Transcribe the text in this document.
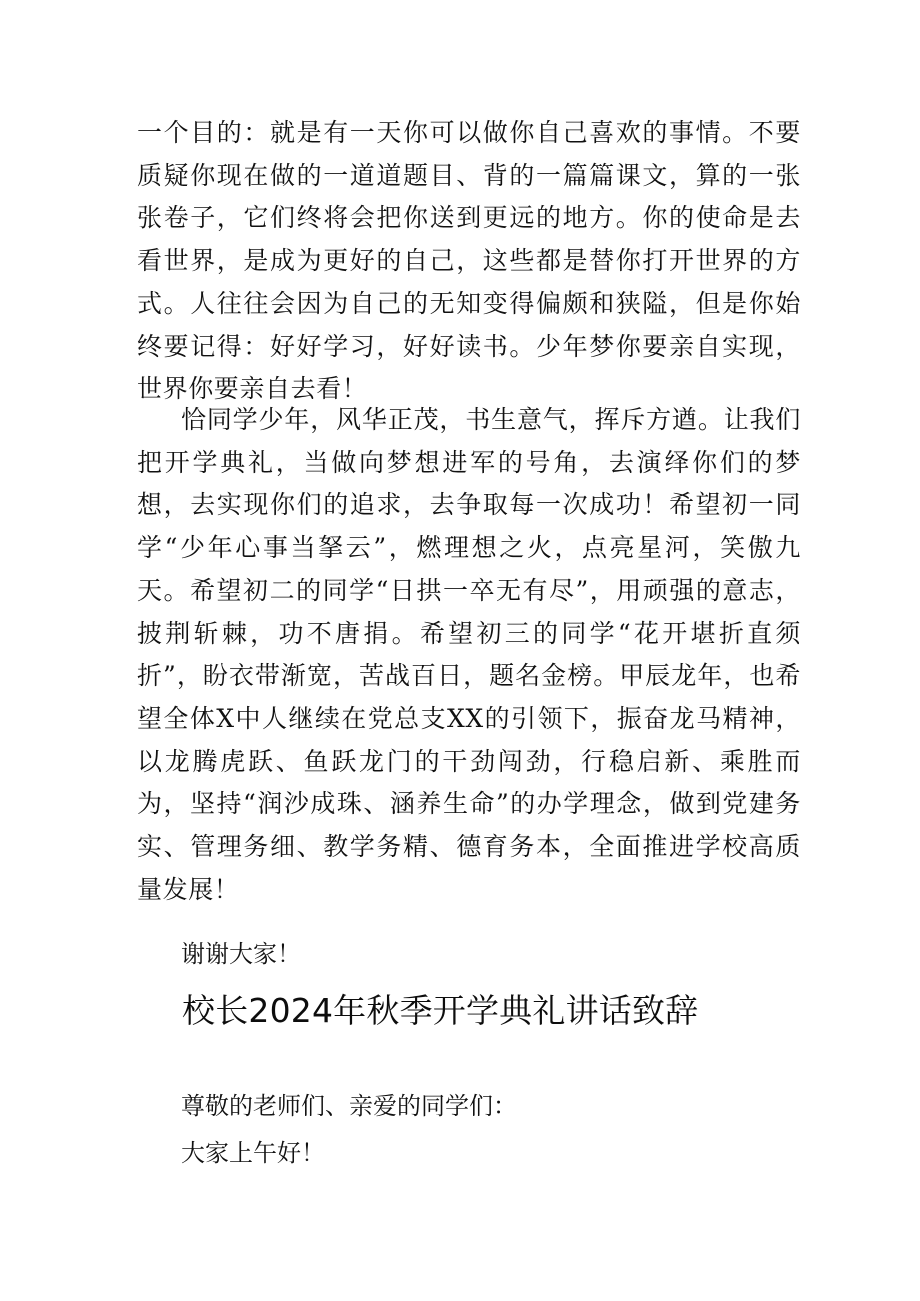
一个目的：就是有一天你可以做你自己喜欢的事情。不要质疑你现在做的一道道题目、背的一篇篇课文，算的一张张卷子，它们终将会把你送到更远的地方。你的使命是去看世界，是成为更好的自己，这些都是替你打开世界的方式。人往往会因为自己的无知变得偏颇和狭隘，但是你始终要记得：好好学习，好好读书。少年梦你要亲自实现，世界你要亲自去看！

恰同学少年，风华正茂，书生意气，挥斥方遒。让我们把开学典礼，当做向梦想进军的号角，去演绎你们的梦想，去实现你们的追求，去争取每一次成功！希望初一同学“少年心事当拏云”，燃理想之火，点亮星河，笑傲九天。希望初二的同学“日拱一卒无有尽”，用顽强的意志，披荆斩棘，功不唐捐。希望初三的同学“花开堪折直须折”，盼衣带渐宽，苦战百日，题名金榜。甲辰龙年，也希望全体X中人继续在党总支XX的引领下，振奋龙马精神，以龙腾虎跃、鱼跃龙门的干劲闯劲，行稳启新、乘胜而为，坚持“润沙成珠、涵养生命”的办学理念，做到党建务实、管理务细、教学务精、德育务本，全面推进学校高质量发展！

谢谢大家！

校长2024年秋季开学典礼讲话致辞

尊敬的老师们、亲爱的同学们：

大家上午好！
